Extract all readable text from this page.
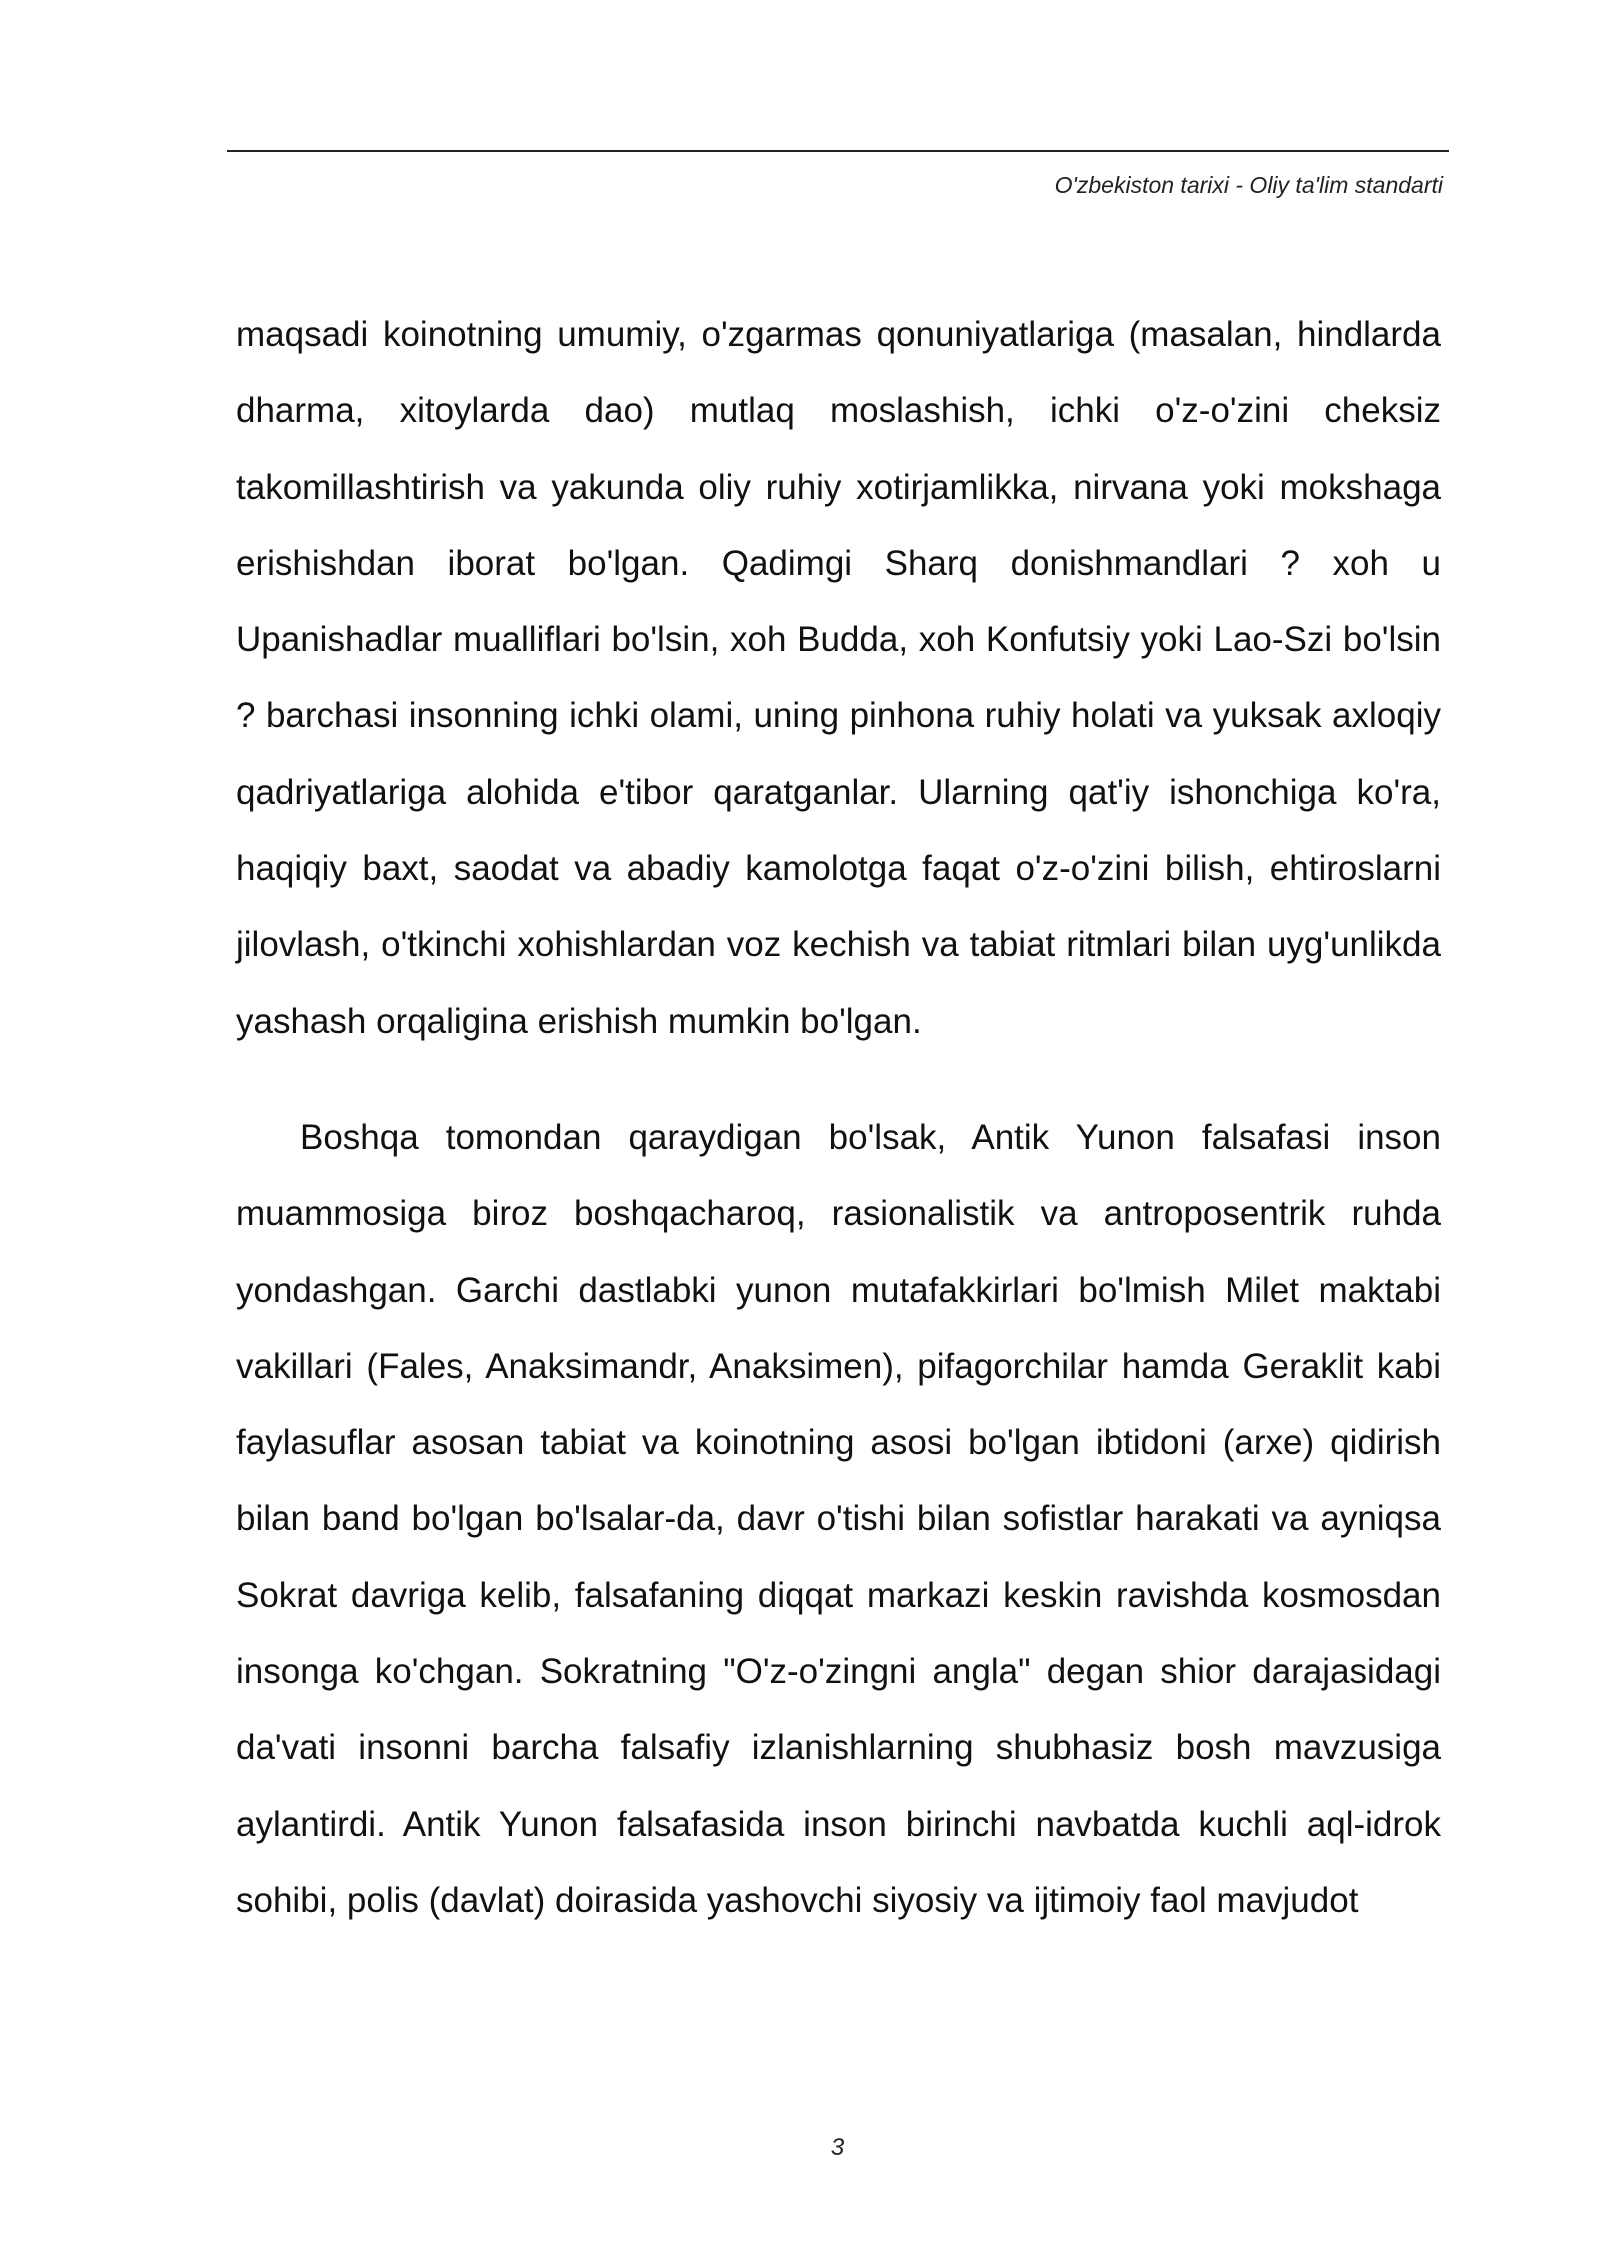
O'zbekiston tarixi - Oliy ta'lim standarti

maqsadi koinotning umumiy, o'zgarmas qonuniyatlariga (masalan, hindlarda dharma, xitoylarda dao) mutlaq moslashish, ichki o'z-o'zini cheksiz takomillashtirish va yakunda oliy ruhiy xotirjamlikka, nirvana yoki mokshaga erishishdan iborat bo'lgan. Qadimgi Sharq donishmandlari ? xoh u Upanishadlar mualliflari bo'lsin, xoh Budda, xoh Konfutsiy yoki Lao-Szi bo'lsin ? barchasi insonning ichki olami, uning pinhona ruhiy holati va yuksak axloqiy qadriyatlariga alohida e'tibor qaratganlar. Ularning qat'iy ishonchiga ko'ra, haqiqiy baxt, saodat va abadiy kamolotga faqat o'z-o'zini bilish, ehtiroslarni jilovlash, o'tkinchi xohishlardan voz kechish va tabiat ritmlari bilan uyg'unlikda yashash orqaligina erishish mumkin bo'lgan.

Boshqa tomondan qaraydigan bo'lsak, Antik Yunon falsafasi inson muammosiga biroz boshqacharoq, rasionalistik va antroposentrik ruhda yondashgan. Garchi dastlabki yunon mutafakkirlari bo'lmish Milet maktabi vakillari (Fales, Anaksimandr, Anaksimen), pifagorchilar hamda Geraklit kabi faylasuflar asosan tabiat va koinotning asosi bo'lgan ibtidoni (arxe) qidirish bilan band bo'lgan bo'lsalar-da, davr o'tishi bilan sofistlar harakati va ayniqsa Sokrat davriga kelib, falsafaning diqqat markazi keskin ravishda kosmosdan insonga ko'chgan. Sokratning "O'z-o'zingni angla" degan shior darajasidagi da'vati insonni barcha falsafiy izlanishlarning shubhasiz bosh mavzusiga aylantirdi. Antik Yunon falsafasida inson birinchi navbatda kuchli aql-idrok sohibi, polis (davlat) doirasida yashovchi siyosiy va ijtimoiy faol mavjudot

3
